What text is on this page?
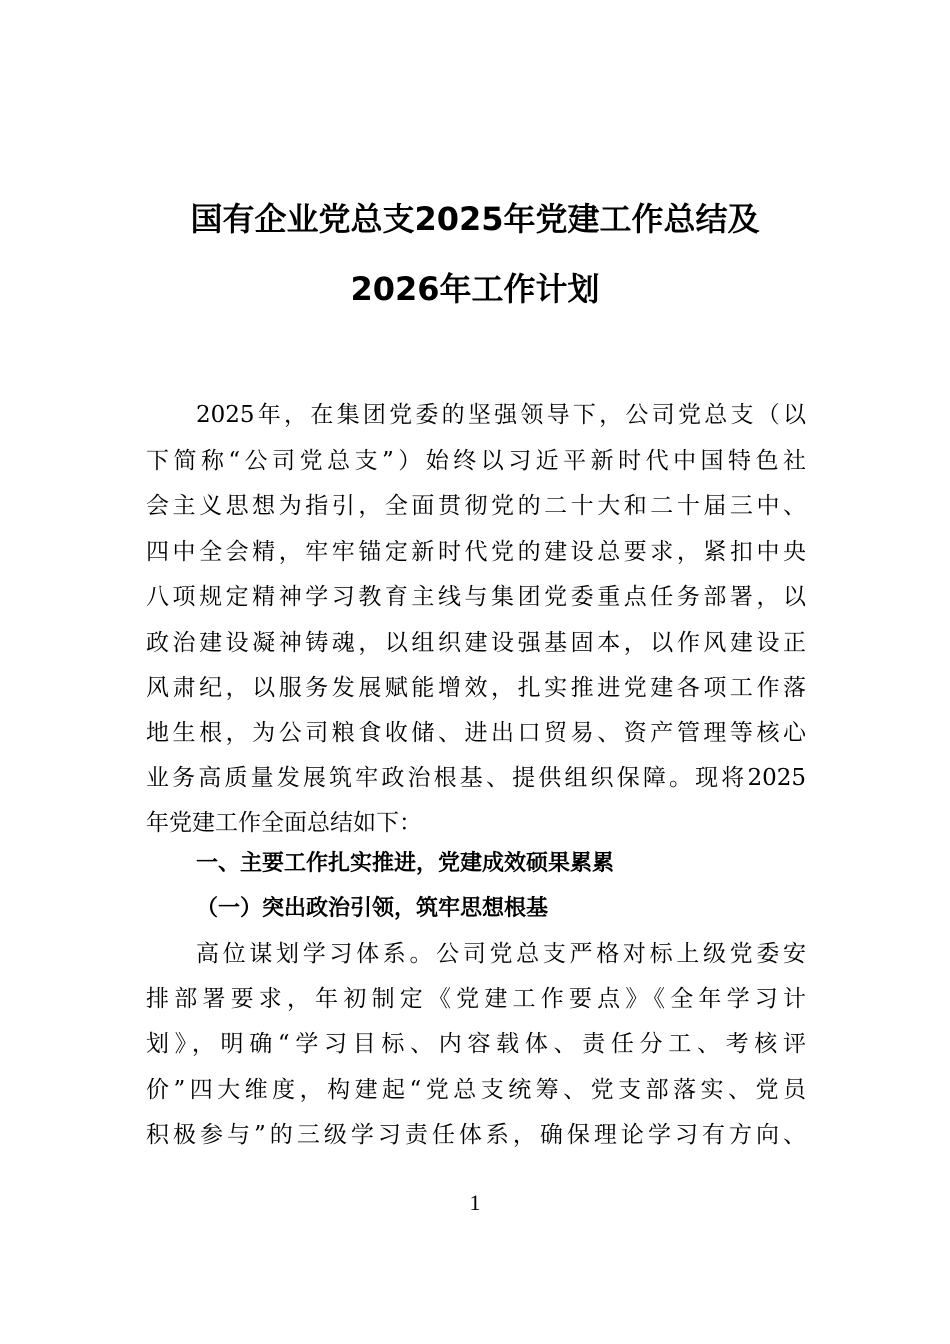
国有企业党总支2025年党建工作总结及
2026年工作计划

2025年，在集团党委的坚强领导下，公司党总支（以

下简称“公司党总支”）始终以习近平新时代中国特色社

会主义思想为指引，全面贯彻党的二十大和二十届三中、

四中全会精，牢牢锚定新时代党的建设总要求，紧扣中央

八项规定精神学习教育主线与集团党委重点任务部署，以

政治建设凝神铸魂，以组织建设强基固本，以作风建设正

风肃纪，以服务发展赋能增效，扎实推进党建各项工作落

地生根，为公司粮食收储、进出口贸易、资产管理等核心

业务高质量发展筑牢政治根基、提供组织保障。现将2025

年党建工作全面总结如下：

一、主要工作扎实推进，党建成效硕果累累
（一）突出政治引领，筑牢思想根基

高位谋划学习体系。公司党总支严格对标上级党委安

排部署要求，年初制定《党建工作要点》《全年学习计

划》，明确“学习目标、内容载体、责任分工、考核评

价”四大维度，构建起“党总支统筹、党支部落实、党员

积极参与”的三级学习责任体系，确保理论学习有方向、

1
